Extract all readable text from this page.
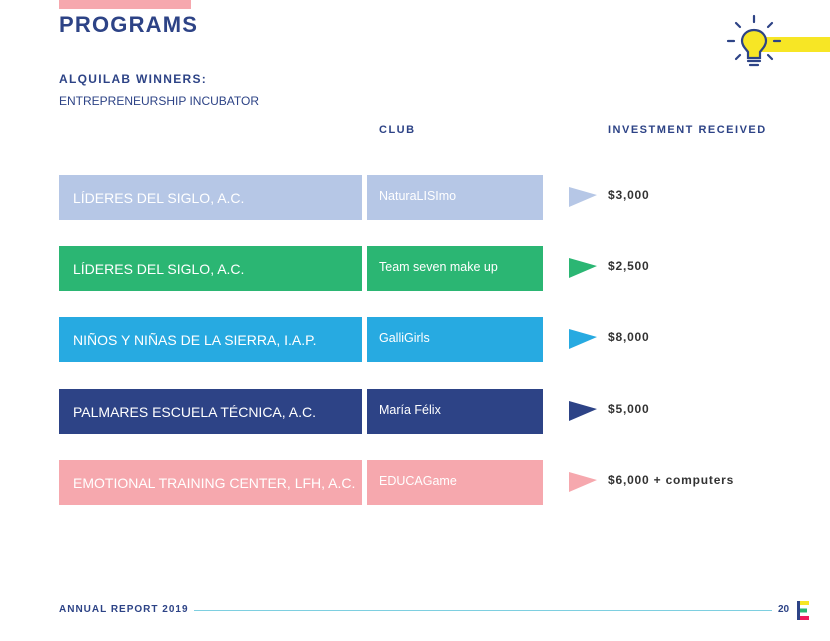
PROGRAMS
ALQUILAB WINNERS:
ENTREPRENEURSHIP INCUBATOR
CLUB	INVESTMENT RECEIVED
LÍDERES DEL SIGLO, A.C.	NaturaLISImo	$3,000
LÍDERES DEL SIGLO, A.C.	Team seven make up	$2,500
NIÑOS Y NIÑAS DE LA SIERRA, I.A.P.	GalliGirls	$8,000
PALMARES ESCUELA TÉCNICA, A.C.	María Félix	$5,000
EMOTIONAL TRAINING CENTER, LFH, A.C.	EDUCAGame	$6,000 + computers
ANNUAL REPORT 2019	20
